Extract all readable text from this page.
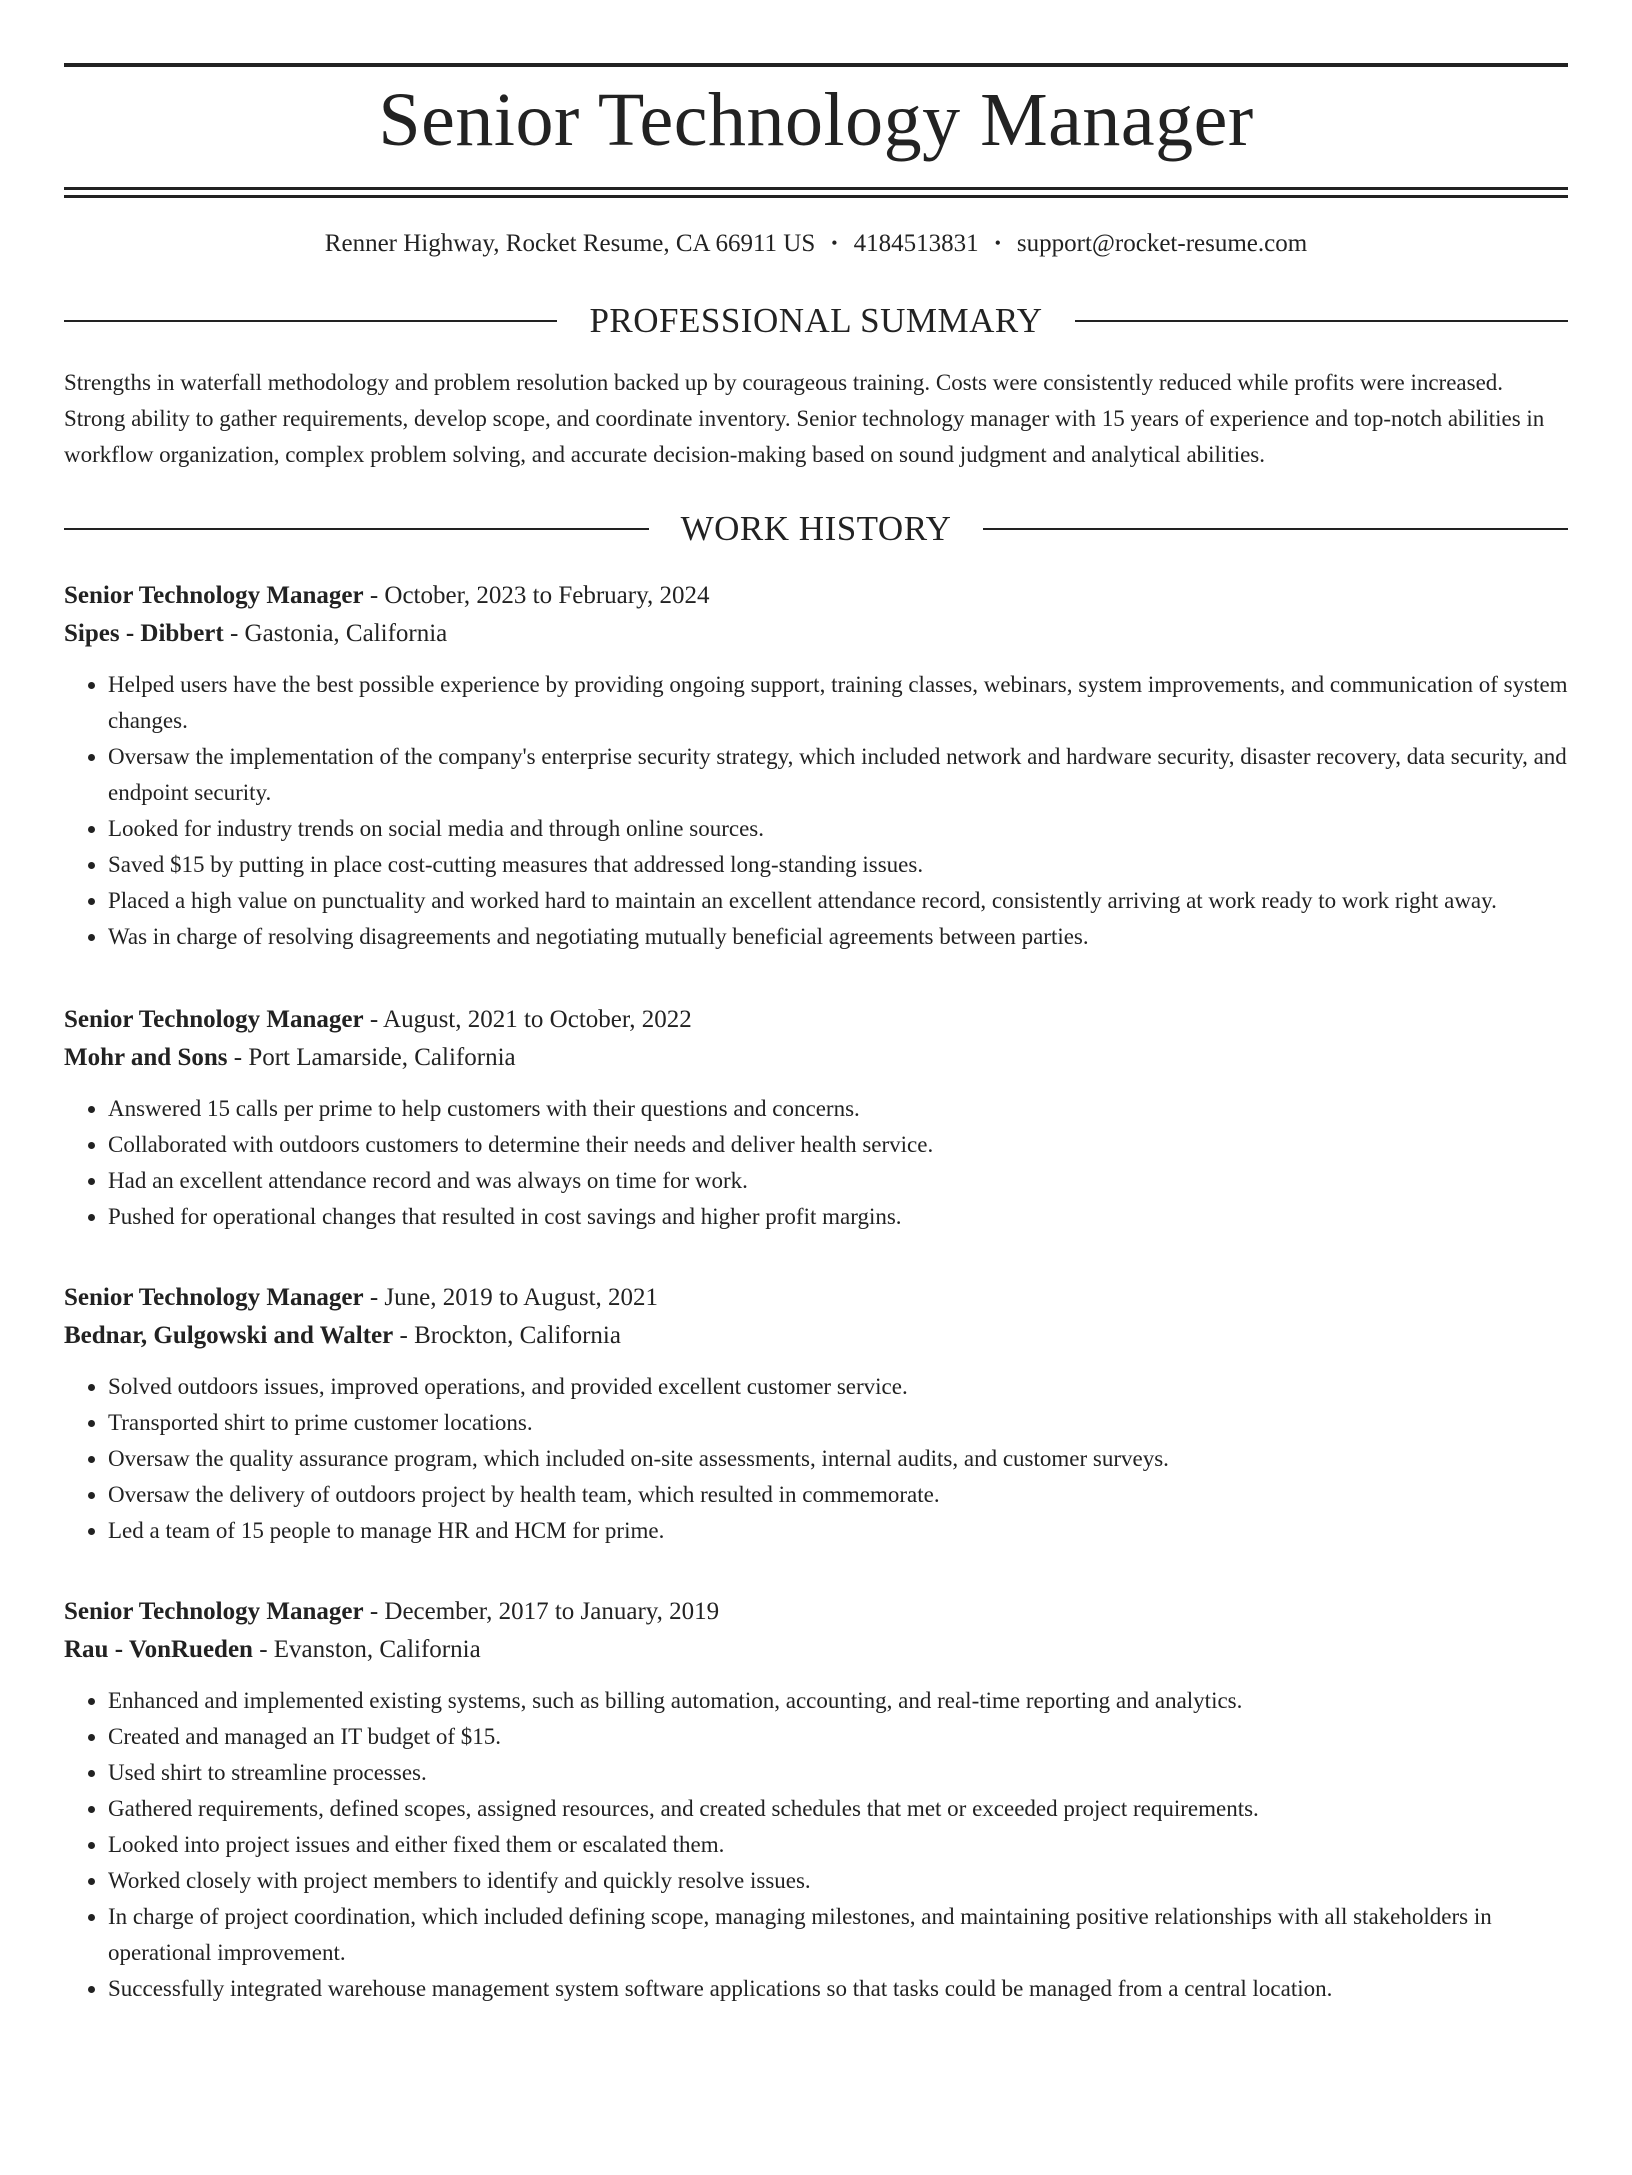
Senior Technology Manager
Renner Highway, Rocket Resume, CA 66911 US • 4184513831 • support@rocket-resume.com
PROFESSIONAL SUMMARY
Strengths in waterfall methodology and problem resolution backed up by courageous training. Costs were consistently reduced while profits were increased. Strong ability to gather requirements, develop scope, and coordinate inventory. Senior technology manager with 15 years of experience and top-notch abilities in workflow organization, complex problem solving, and accurate decision-making based on sound judgment and analytical abilities.
WORK HISTORY
Senior Technology Manager - October, 2023 to February, 2024
Sipes - Dibbert - Gastonia, California
• Helped users have the best possible experience by providing ongoing support, training classes, webinars, system improvements, and communication of system changes.
• Oversaw the implementation of the company's enterprise security strategy, which included network and hardware security, disaster recovery, data security, and endpoint security.
• Looked for industry trends on social media and through online sources.
• Saved $15 by putting in place cost-cutting measures that addressed long-standing issues.
• Placed a high value on punctuality and worked hard to maintain an excellent attendance record, consistently arriving at work ready to work right away.
• Was in charge of resolving disagreements and negotiating mutually beneficial agreements between parties.
Senior Technology Manager - August, 2021 to October, 2022
Mohr and Sons - Port Lamarside, California
• Answered 15 calls per prime to help customers with their questions and concerns.
• Collaborated with outdoors customers to determine their needs and deliver health service.
• Had an excellent attendance record and was always on time for work.
• Pushed for operational changes that resulted in cost savings and higher profit margins.
Senior Technology Manager - June, 2019 to August, 2021
Bednar, Gulgowski and Walter - Brockton, California
• Solved outdoors issues, improved operations, and provided excellent customer service.
• Transported shirt to prime customer locations.
• Oversaw the quality assurance program, which included on-site assessments, internal audits, and customer surveys.
• Oversaw the delivery of outdoors project by health team, which resulted in commemorate.
• Led a team of 15 people to manage HR and HCM for prime.
Senior Technology Manager - December, 2017 to January, 2019
Rau - VonRueden - Evanston, California
• Enhanced and implemented existing systems, such as billing automation, accounting, and real-time reporting and analytics.
• Created and managed an IT budget of $15.
• Used shirt to streamline processes.
• Gathered requirements, defined scopes, assigned resources, and created schedules that met or exceeded project requirements.
• Looked into project issues and either fixed them or escalated them.
• Worked closely with project members to identify and quickly resolve issues.
• In charge of project coordination, which included defining scope, managing milestones, and maintaining positive relationships with all stakeholders in operational improvement.
• Successfully integrated warehouse management system software applications so that tasks could be managed from a central location.
